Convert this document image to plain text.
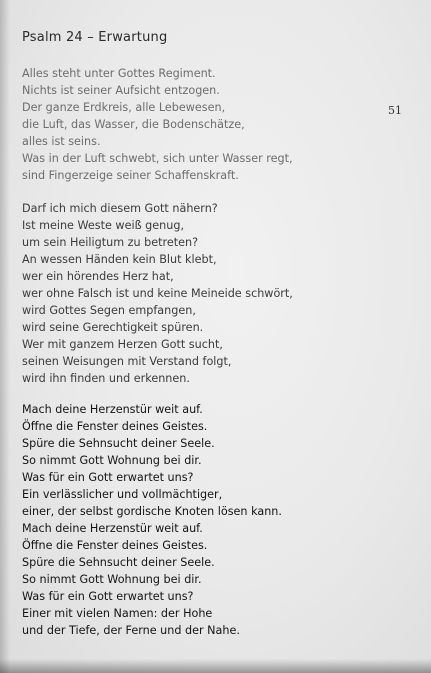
Psalm 24 – Erwartung
51
Alles steht unter Gottes Regiment.
Nichts ist seiner Aufsicht entzogen.
Der ganze Erdkreis, alle Lebewesen,
die Luft, das Wasser, die Bodenschätze,
alles ist seins.
Was in der Luft schwebt, sich unter Wasser regt,
sind Fingerzeige seiner Schaffenskraft.
Darf ich mich diesem Gott nähern?
Ist meine Weste weiß genug,
um sein Heiligtum zu betreten?
An wessen Händen kein Blut klebt,
wer ein hörendes Herz hat,
wer ohne Falsch ist und keine Meineide schwört,
wird Gottes Segen empfangen,
wird seine Gerechtigkeit spüren.
Wer mit ganzem Herzen Gott sucht,
seinen Weisungen mit Verstand folgt,
wird ihn finden und erkennen.
Mach deine Herzenstür weit auf.
Öffne die Fenster deines Geistes.
Spüre die Sehnsucht deiner Seele.
So nimmt Gott Wohnung bei dir.
Was für ein Gott erwartet uns?
Ein verlässlicher und vollmächtiger,
einer, der selbst gordische Knoten lösen kann.
Mach deine Herzenstür weit auf.
Öffne die Fenster deines Geistes.
Spüre die Sehnsucht deiner Seele.
So nimmt Gott Wohnung bei dir.
Was für ein Gott erwartet uns?
Einer mit vielen Namen: der Hohe
und der Tiefe, der Ferne und der Nahe.
